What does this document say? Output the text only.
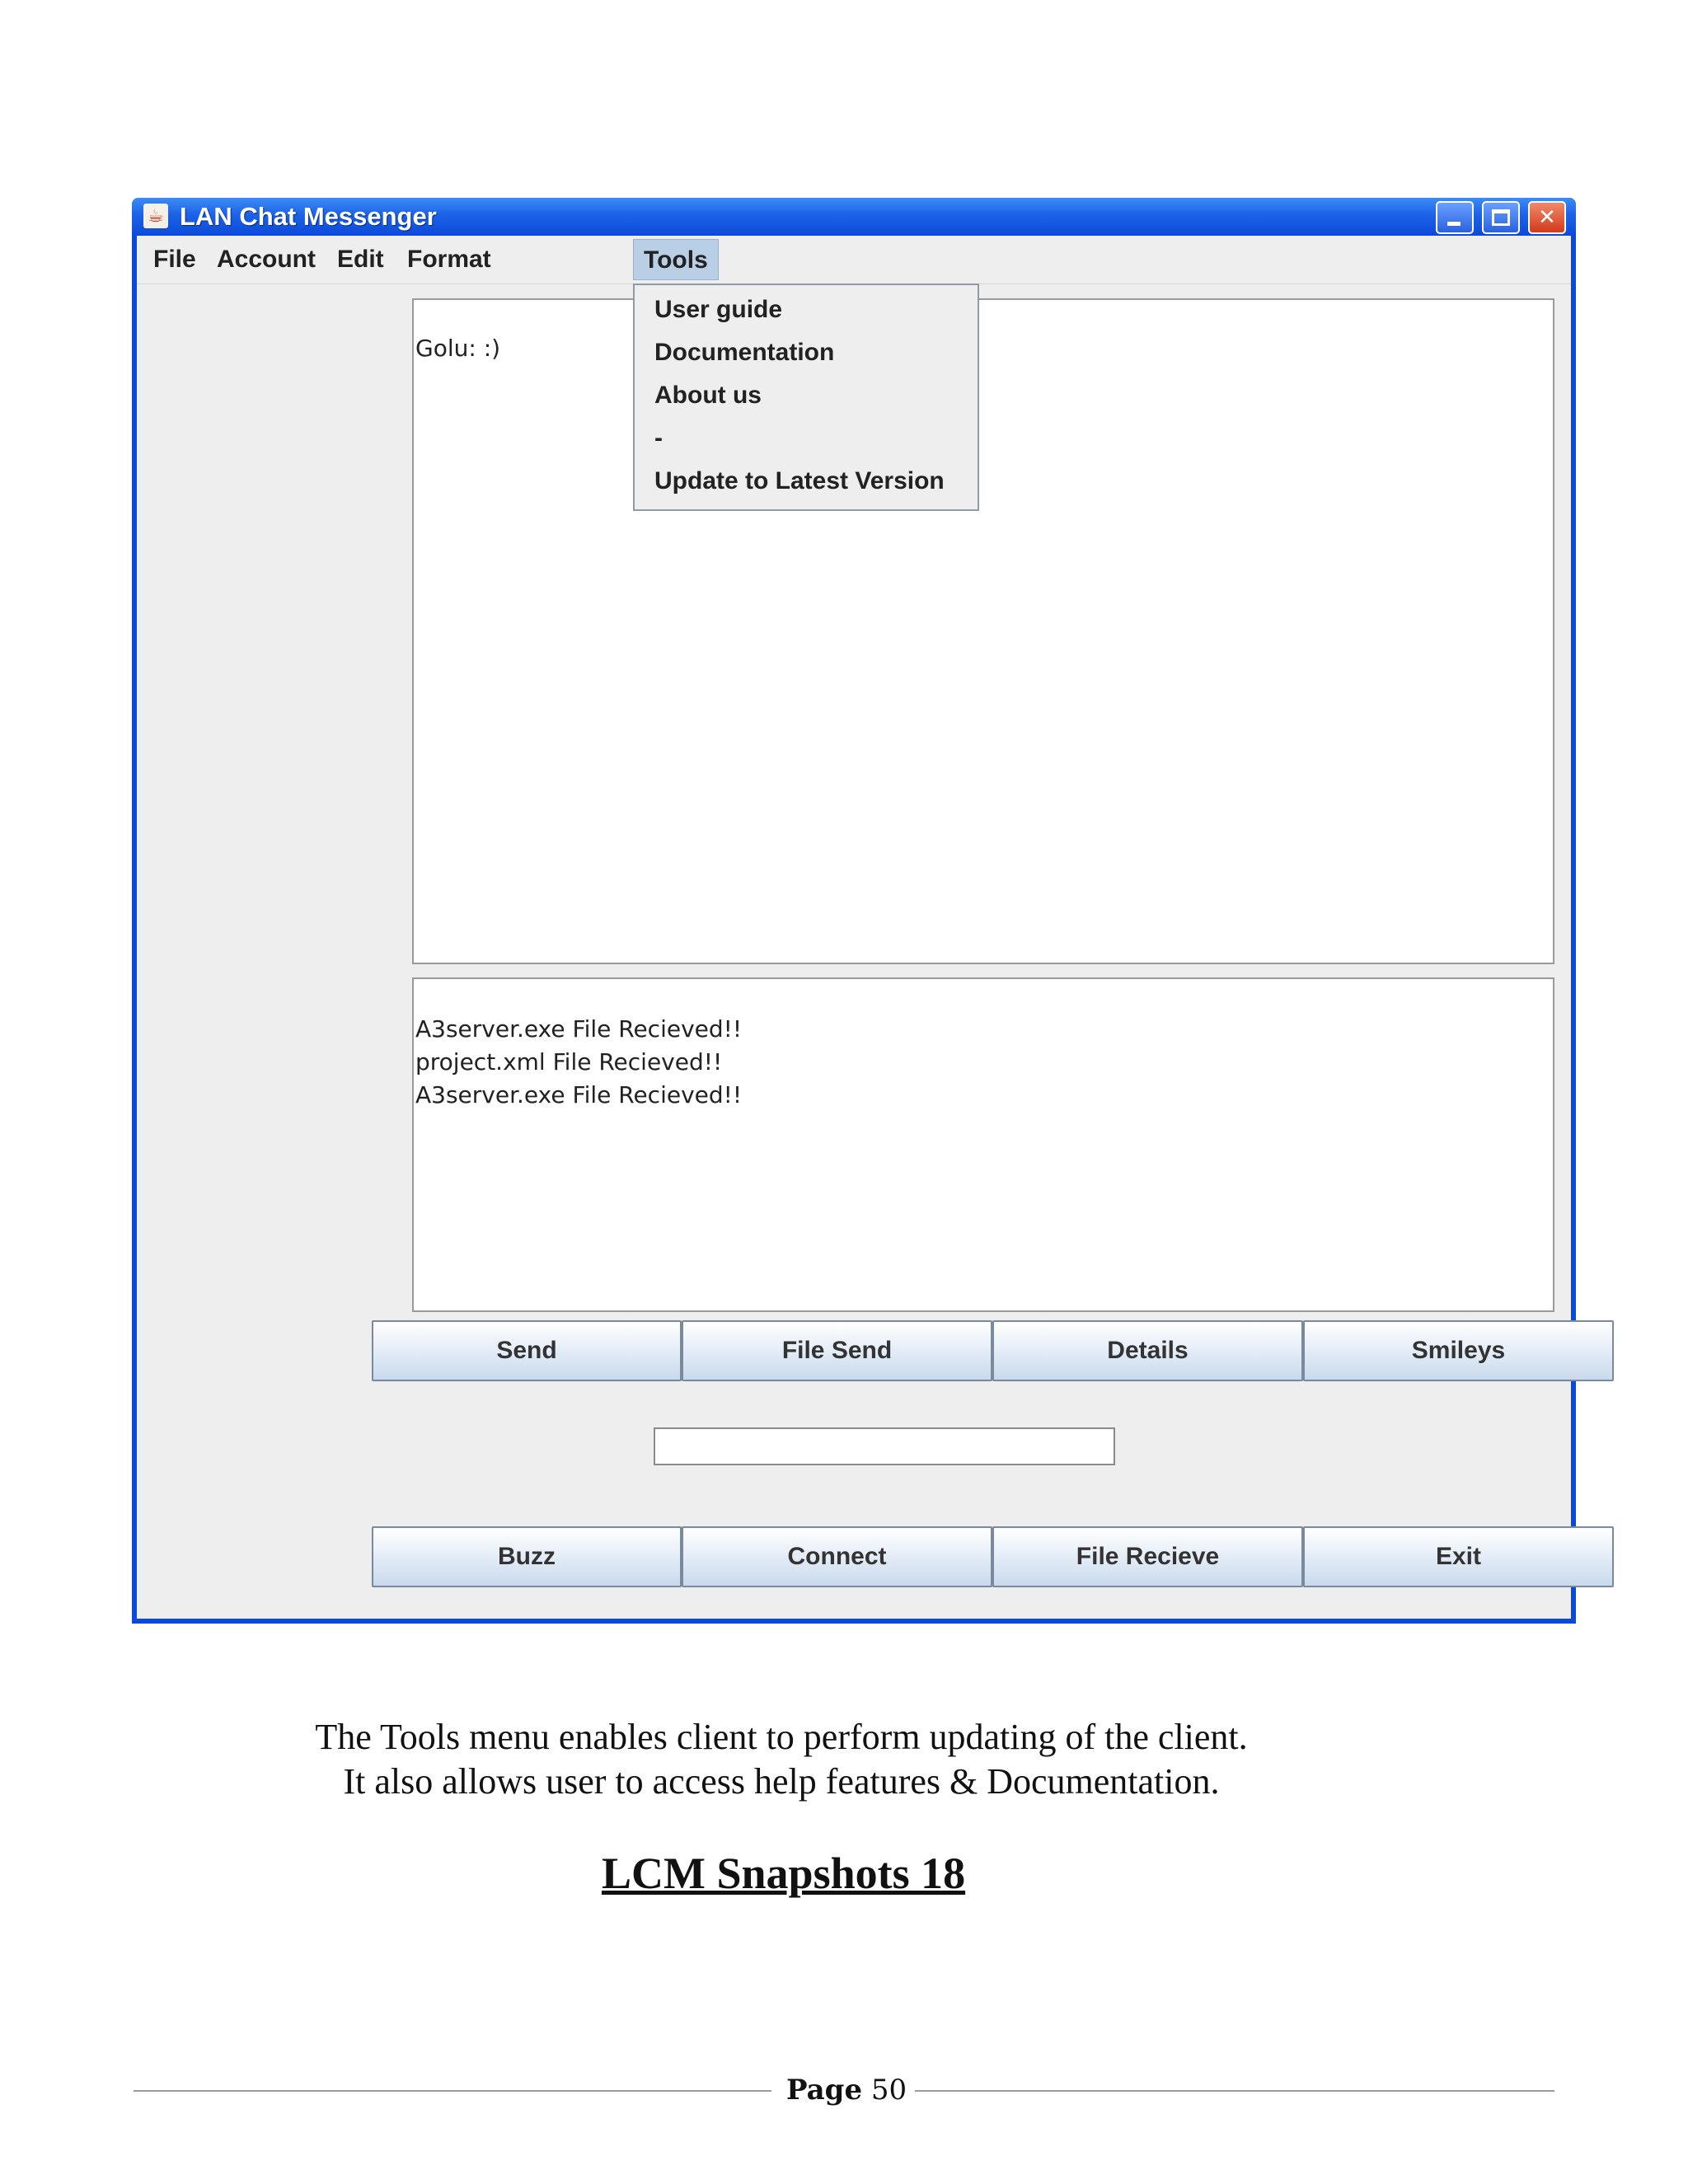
☕ LAN Chat Messenger	✕
File Account Edit Format	Tools
Golu: :)
A3server.exe File Recieved!!
project.xml File Recieved!!
A3server.exe File Recieved!!
User guide
Documentation
About us
-
Update to Latest Version
Send	File Send	Details	Smileys
Buzz	Connect	File Recieve	Exit
The Tools menu enables client to perform updating of the client.
It also allows user to access help features & Documentation.
LCM Snapshots 18
Page 50
